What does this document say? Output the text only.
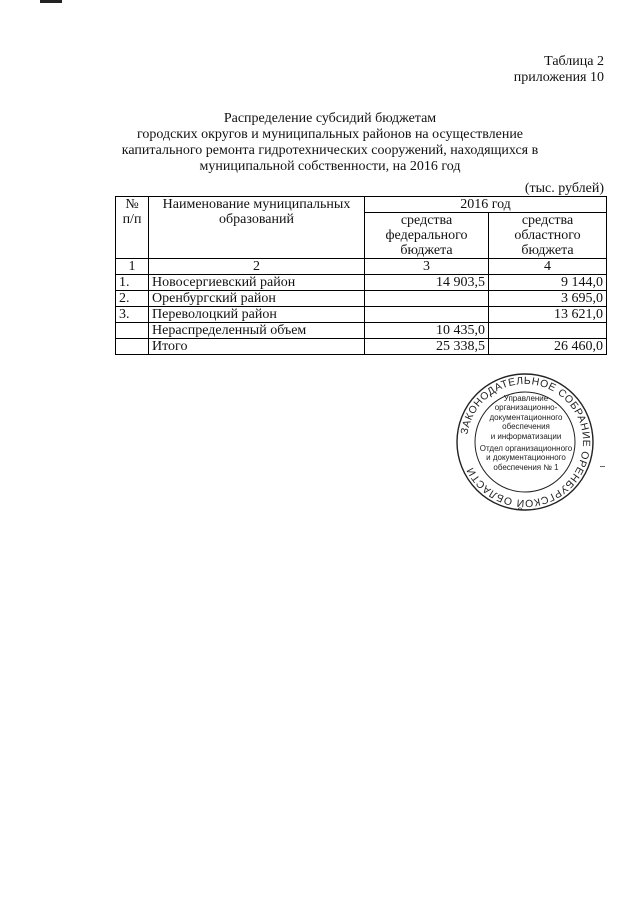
Таблица 2
приложения 10
Распределение субсидий бюджетам
городских округов и муниципальных районов на осуществление
капитального ремонта гидротехнических сооружений, находящихся в
муниципальной собственности, на 2016 год
(тыс. рублей)
№
п/п	Наименование муниципальных образований	2016 год	
		средства федерального бюджета	средства областного бюджета
1	2	3	4
1.	Новосергиевский район	14 903,5	9 144,0
2.	Оренбургский район		3 695,0
3.	Переволоцкий район		13 621,0
	Нераспределенный объем	10 435,0	
	Итого	25 338,5	26 460,0
ЗАКОНОДАТЕЛЬНОЕ СОБРАНИЕ ОРЕНБУРГСКОЙ ОБЛАСТИ
Управление
организационно-
документационного
обеспечения
и информатизации
Отдел организационного
и документационного
обеспечения № 1
